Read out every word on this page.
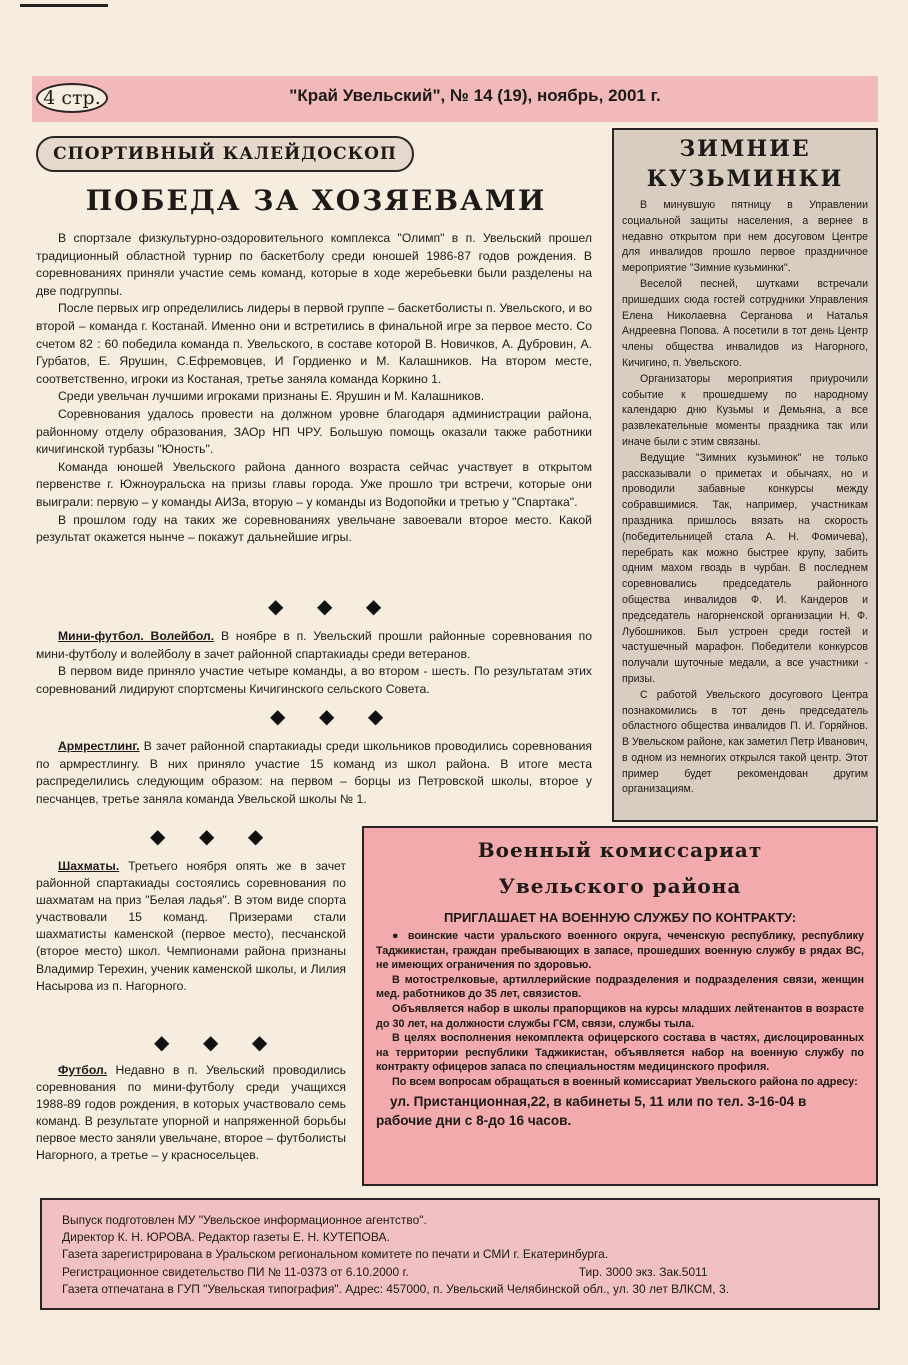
4 стр.	"Край Увельский", № 14 (19), ноябрь, 2001 г.
СПОРТИВНЫЙ КАЛЕЙДОСКОП
ПОБЕДА ЗА ХОЗЯЕВАМИ

В спортзале физкультурно-оздоровительного комплекса "Олимп" в п. Увельский прошел традиционный областной турнир по баскетболу среди юношей 1986-87 годов рождения. В соревнованиях приняли участие семь команд, которые в ходе жеребьевки были разделены на две подгруппы.

После первых игр определились лидеры в первой группе – баскетболисты п. Увельского, и во второй – команда г. Костанай. Именно они и встретились в финальной игре за первое место. Со счетом 82 : 60 победила команда п. Увельского, в составе которой В. Новичков, А. Дубровин, А. Гурбатов, Е. Ярушин, С.Ефремовцев, И Гордиенко и М. Калашников. На втором месте, соответственно, игроки из Костаная, третье заняла команда Коркино 1.

Среди увельчан лучшими игроками признаны Е. Ярушин и М. Калашников.

Соревнования удалось провести на должном уровне благодаря администрации района, районному отделу образования, ЗАОр НП ЧРУ. Большую помощь оказали также работники кичигинской турбазы "Юность".

Команда юношей Увельского района данного возраста сейчас участвует в открытом первенстве г. Южноуральска на призы главы города. Уже прошло три встречи, которые они выиграли: первую – у команды АИЗа, вторую – у команды из Водопойки и третью у "Спартака".

В прошлом году на таких же соревнованиях увельчане завоевали второе место. Какой результат окажется нынче – покажут дальнейшие игры.

◆ ◆ ◆

Мини-футбол. Волейбол. В ноябре в п. Увельский прошли районные соревнования по мини-футболу и волейболу в зачет районной спартакиады среди ветеранов.

В первом виде приняло участие четыре команды, а во втором - шесть. По результатам этих соревнований лидируют спортсмены Кичигинского сельского Совета.

◆ ◆ ◆

Армрестлинг. В зачет районной спартакиады среди школьников проводились соревнования по армрестлингу. В них приняло участие 15 команд из школ района. В итоге места распределились следующим образом: на первом – борцы из Петровской школы, второе у песчанцев, третье заняла команда Увельской школы № 1.

◆ ◆ ◆

Шахматы. Третьего ноября опять же в зачет районной спартакиады состоялись соревнования по шахматам на приз "Белая ладья". В этом виде спорта участвовали 15 команд. Призерами стали шахматисты каменской (первое место), песчанской (второе место) школ. Чемпионами района признаны Владимир Терехин, ученик каменской школы, и Лилия Насырова из п. Нагорного.

◆ ◆ ◆

Футбол. Недавно в п. Увельский проводились соревнования по мини-футболу среди учащихся 1988-89 годов рождения, в которых участвовало семь команд. В результате упорной и напряженной борьбы первое место заняли увельчане, второе – футболисты Нагорного, а третье – у красносельцев.

ЗИМНИЕ
КУЗЬМИНКИ

В минувшую пятницу в Управлении социальной защиты населения, а вернее в недавно открытом при нем досуговом Центре для инвалидов прошло первое праздничное мероприятие "Зимние кузьминки".

Веселой песней, шутками встречали пришедших сюда гостей сотрудники Управления Елена Николаевна Серганова и Наталья Андреевна Попова. А посетили в тот день Центр члены общества инвалидов из Нагорного, Кичигино, п. Увельского.

Организаторы мероприятия приурочили событие к прошедшему по народному календарю дню Кузьмы и Демьяна, а все развлекательные моменты праздника так или иначе были с этим связаны.

Ведущие "Зимних кузьминок" не только рассказывали о приметах и обычаях, но и проводили забавные конкурсы между собравшимися. Так, например, участникам праздника пришлось вязать на скорость (победительницей стала А. Н. Фомичева), перебрать как можно быстрее крупу, забить одним махом гвоздь в чурбан. В последнем соревновались председатель районного общества инвалидов Ф. И. Кандеров и председатель нагорненской организации Н. Ф. Лубошников. Был устроен среди гостей и частушечный марафон. Победители конкурсов получали шуточные медали, а все участники - призы.

С работой Увельского досугового Центра познакомились в тот день председатель областного общества инвалидов П. И. Горяйнов. В Увельском районе, как заметил Петр Иванович, в одном из немногих открылся такой центр. Этот пример будет рекомендован другим организациям.

Военный комиссариат
Увельского района
ПРИГЛАШАЕТ НА ВОЕННУЮ СЛУЖБУ ПО КОНТРАКТУ:

● воинские части уральского военного округа, чеченскую республику, республику Таджикистан, граждан пребывающих в запасе, прошедших военную службу в рядах ВС, не имеющих ограничения по здоровью.

В мотострелковые, артиллерийские подразделения и подразделения связи, женщин мед. работников до 35 лет, связистов.

Объявляется набор в школы прапорщиков на курсы младших лейтенантов в возрасте до 30 лет, на должности службы ГСМ, связи, службы тыла.

В целях восполнения некомплекта офицерского состава в частях, дислоцированных на территории республики Таджикистан, объявляется набор на военную службу по контракту офицеров запаса по специальностям медицинского профиля.

По всем вопросам обращаться в военный комиссариат Увельского района по адресу:

ул. Пристанционная,22, в кабинеты 5, 11 или по тел. 3-16-04 в рабочие дни с 8-до 16 часов.
Выпуск подготовлен МУ "Увельское информационное агентство".
Директор К. Н. ЮРОВА. Редактор газеты Е. Н. КУТЕПОВА.
Газета зарегистрирована в Уральском региональном комитете по печати и СМИ г. Екатеринбурга.
Регистрационное свидетельство ПИ № 11-0373 от 6.10.2000 г.	Тир. 3000 экз. Зак.5011
Газета отпечатана в ГУП "Увельская типография". Адрес: 457000, п. Увельский Челябинской обл., ул. 30 лет ВЛКСМ, 3.
